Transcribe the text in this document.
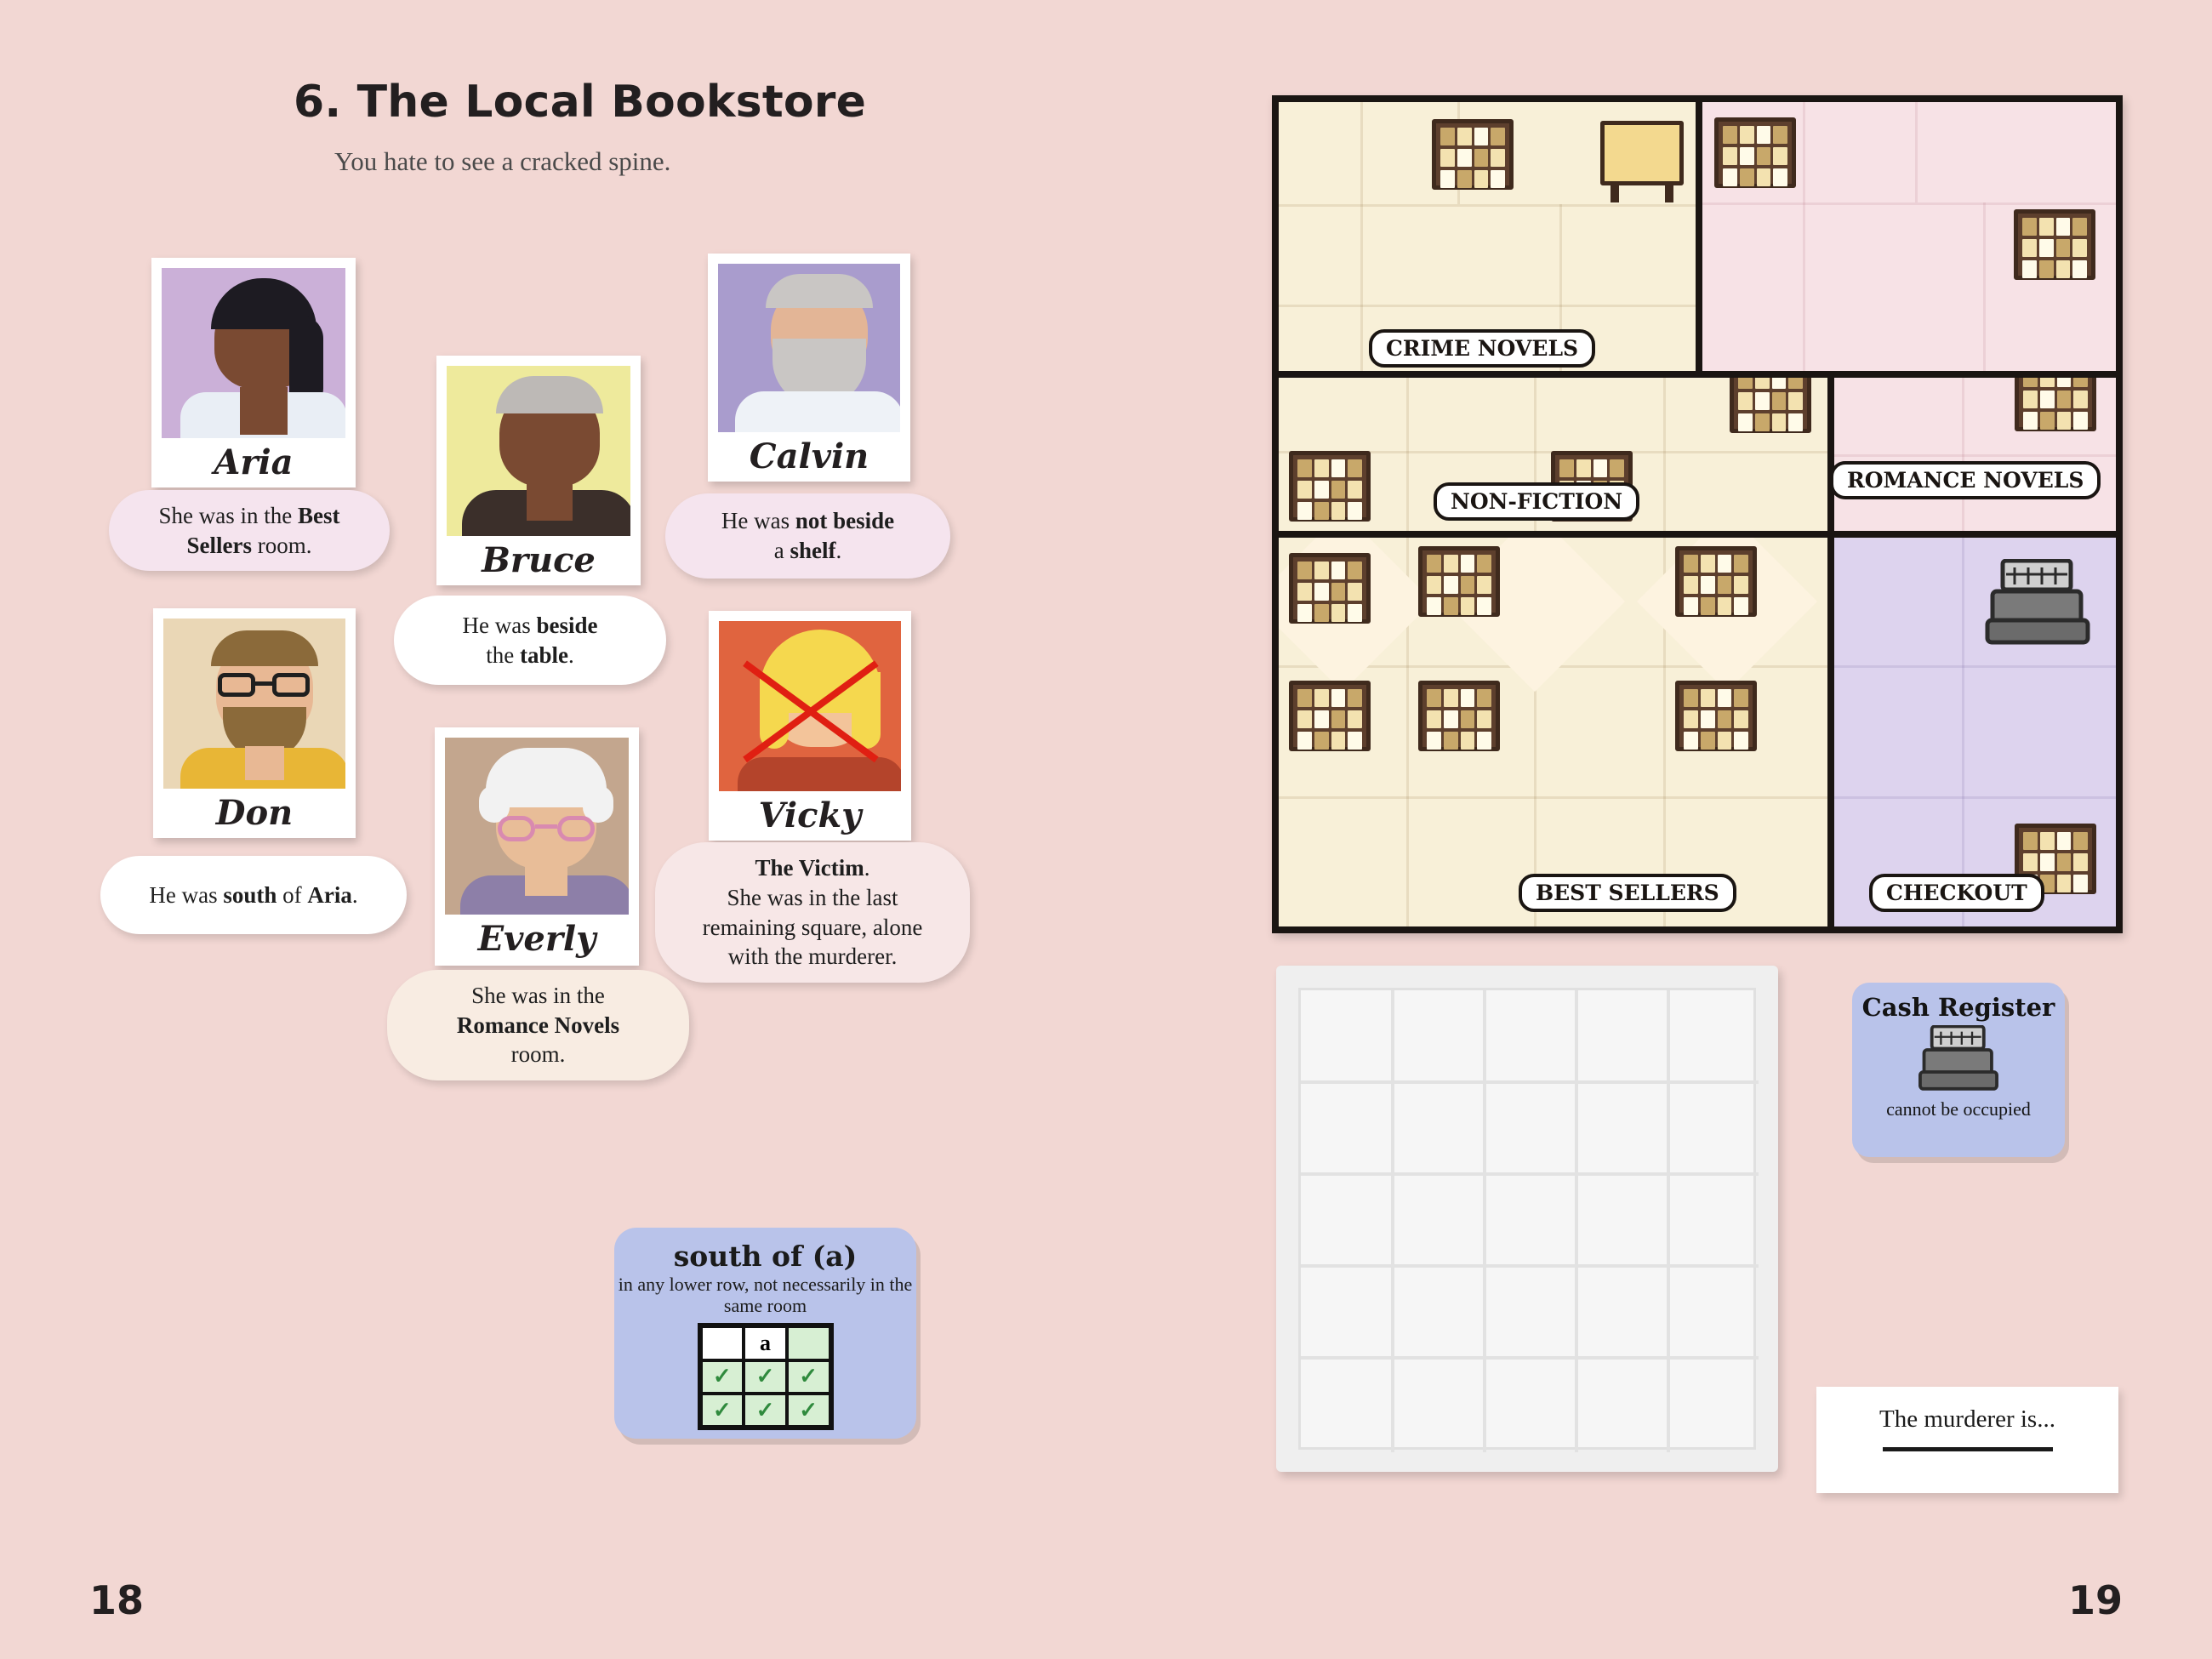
6. The Local Bookstore
You hate to see a cracked spine.
Aria
She was in the Best Sellers room.	Bruce
He was beside
the table.
Calvin
He was not beside
a shelf.
Don
He was south of Aria.
Everly
She was in the
Romance Novels
room.
Vicky
The Victim.
She was in the last
remaining square, alone
with the murderer.
south of (a)

in any lower row, not necessarily in the same room

a
✓	✓	✓
✓	✓	✓
18
CRIME NOVELS
ROMANCE NOVELS
NON-FICTION
BEST SELLERS	CHECKOUT
Cash Register

cannot be occupied

The murderer is...
19
